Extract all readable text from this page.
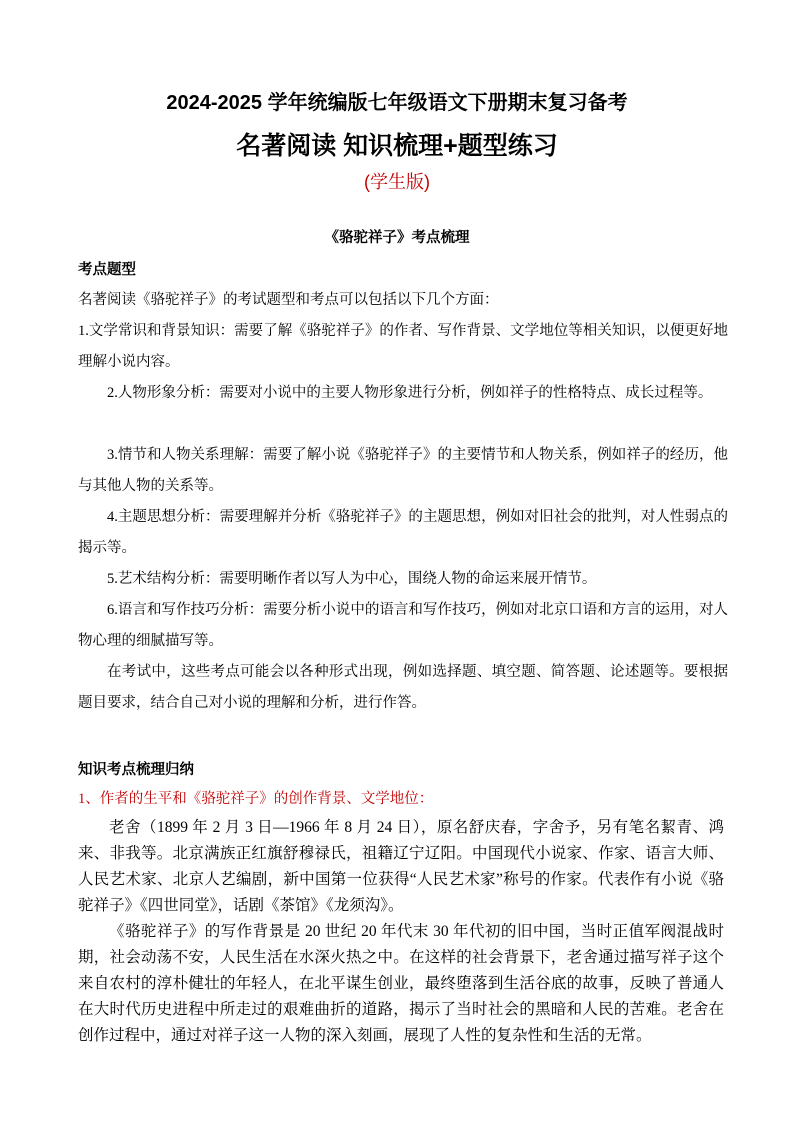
2024-2025 学年统编版七年级语文下册期末复习备考
名著阅读 知识梳理+题型练习
(学生版)
《骆驼祥子》考点梳理
考点题型

名著阅读《骆驼祥子》的考试题型和考点可以包括以下几个方面：

1.文学常识和背景知识：需要了解《骆驼祥子》的作者、写作背景、文学地位等相关知识，以便更好地理解小说内容。

2.人物形象分析：需要对小说中的主要人物形象进行分析，例如祥子的性格特点、成长过程等。

3.情节和人物关系理解：需要了解小说《骆驼祥子》的主要情节和人物关系，例如祥子的经历，他与其他人物的关系等。

4.主题思想分析：需要理解并分析《骆驼祥子》的主题思想，例如对旧社会的批判，对人性弱点的揭示等。

5.艺术结构分析：需要明晰作者以写人为中心，围绕人物的命运来展开情节。

6.语言和写作技巧分析：需要分析小说中的语言和写作技巧，例如对北京口语和方言的运用，对人物心理的细腻描写等。

在考试中，这些考点可能会以各种形式出现，例如选择题、填空题、简答题、论述题等。要根据题目要求，结合自己对小说的理解和分析，进行作答。

知识考点梳理归纳
1、作者的生平和《骆驼祥子》的创作背景、文学地位：

老舍（1899 年 2 月 3 日—1966 年 8 月 24 日），原名舒庆春，字舍予，另有笔名絜青、鸿来、非我等。北京满族正红旗舒穆禄氏，祖籍辽宁辽阳。中国现代小说家、作家、语言大师、人民艺术家、北京人艺编剧，新中国第一位获得“人民艺术家”称号的作家。代表作有小说《骆驼祥子》《四世同堂》，话剧《茶馆》《龙须沟》。

《骆驼祥子》的写作背景是 20 世纪 20 年代末 30 年代初的旧中国，当时正值军阀混战时期，社会动荡不安，人民生活在水深火热之中。在这样的社会背景下，老舍通过描写祥子这个来自农村的淳朴健壮的年轻人，在北平谋生创业，最终堕落到生活谷底的故事，反映了普通人在大时代历史进程中所走过的艰难曲折的道路，揭示了当时社会的黑暗和人民的苦难。老舍在创作过程中，通过对祥子这一人物的深入刻画，展现了人性的复杂性和生活的无常。
